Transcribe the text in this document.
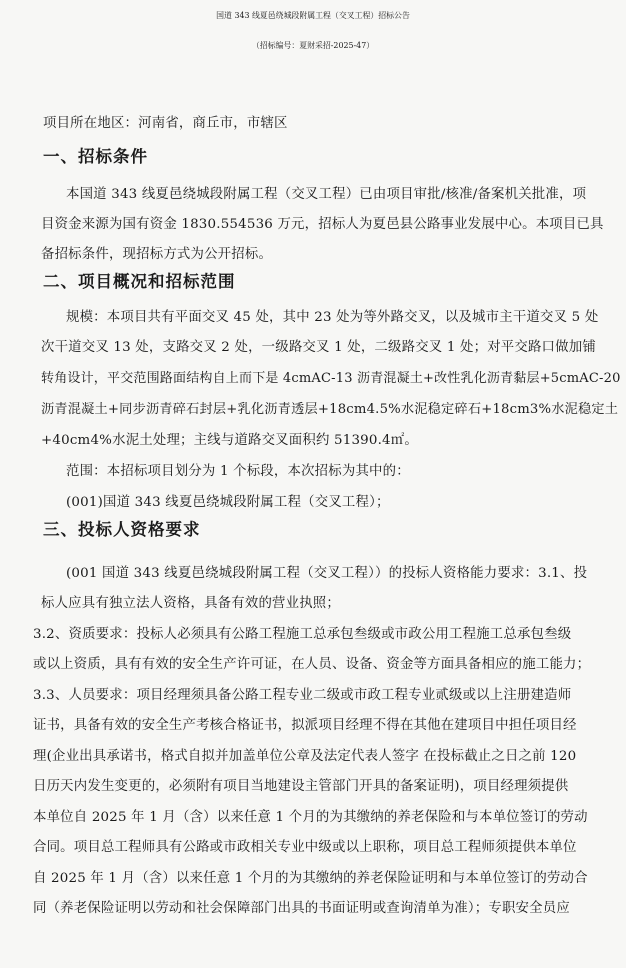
国道 343 线夏邑绕城段附属工程（交叉工程）招标公告
（招标编号：夏财采招-2025-47）
项目所在地区：河南省，商丘市，市辖区
一、招标条件
本国道 343 线夏邑绕城段附属工程（交叉工程）已由项目审批/核准/备案机关批准，项
目资金来源为国有资金 1830.554536 万元，招标人为夏邑县公路事业发展中心。本项目已具
备招标条件，现招标方式为公开招标。
二、项目概况和招标范围
规模：本项目共有平面交叉 45 处，其中 23 处为等外路交叉，以及城市主干道交叉 5 处
次干道交叉 13 处，支路交叉 2 处，一级路交叉 1 处，二级路交叉 1 处；对平交路口做加铺
转角设计，平交范围路面结构自上而下是 4cmAC-13 沥青混凝土+改性乳化沥青黏层+5cmAC-20
沥青混凝土+同步沥青碎石封层+乳化沥青透层+18cm4.5%水泥稳定碎石+18cm3%水泥稳定土
+40cm4%水泥土处理；主线与道路交叉面积约 51390.4㎡。
范围：本招标项目划分为 1 个标段，本次招标为其中的：
(001)国道 343 线夏邑绕城段附属工程（交叉工程）；
三、投标人资格要求
(001 国道 343 线夏邑绕城段附属工程（交叉工程））的投标人资格能力要求：3.1、投
标人应具有独立法人资格，具备有效的营业执照；
3.2、资质要求：投标人必须具有公路工程施工总承包叁级或市政公用工程施工总承包叁级
或以上资质，具有有效的安全生产许可证，在人员、设备、资金等方面具备相应的施工能力；
3.3、人员要求：项目经理须具备公路工程专业二级或市政工程专业贰级或以上注册建造师
证书，具备有效的安全生产考核合格证书，拟派项目经理不得在其他在建项目中担任项目经
理(企业出具承诺书，格式自拟并加盖单位公章及法定代表人签字 在投标截止之日之前 120
日历天内发生变更的，必须附有项目当地建设主管部门开具的备案证明)，项目经理须提供
本单位自 2025 年 1 月（含）以来任意 1 个月的为其缴纳的养老保险和与本单位签订的劳动
合同。项目总工程师具有公路或市政相关专业中级或以上职称，项目总工程师须提供本单位
自 2025 年 1 月（含）以来任意 1 个月的为其缴纳的养老保险证明和与本单位签订的劳动合
同（养老保险证明以劳动和社会保障部门出具的书面证明或查询清单为准）；专职安全员应
